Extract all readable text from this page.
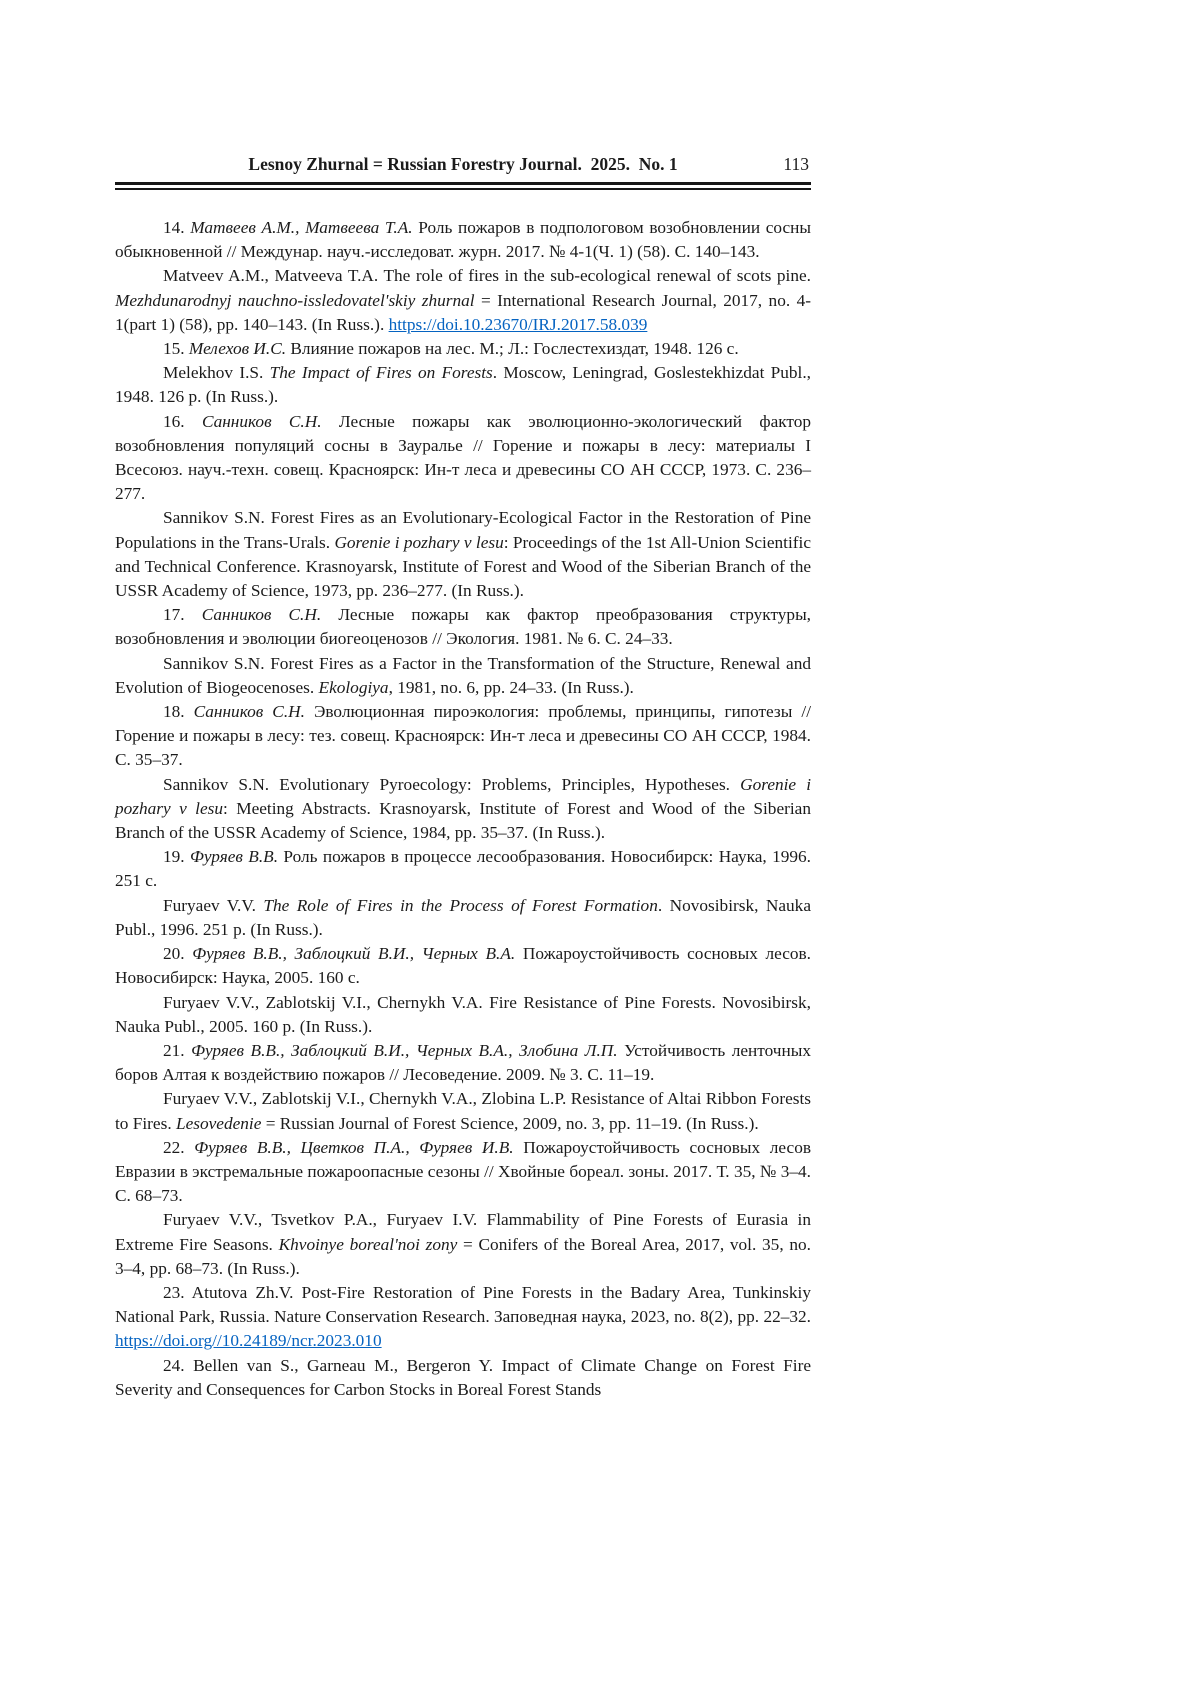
Lesnoy Zhurnal = Russian Forestry Journal.  2025.  No. 1	113

14. Матвеев А.М., Матвеева Т.А. Роль пожаров в подпологовом возобновлении сосны обыкновенной // Междунар. науч.-исследоват. журн. 2017. № 4-1(Ч. 1) (58). С. 140–143.

Matveev A.M., Matveeva T.A. The role of fires in the sub-ecological renewal of scots pine. Mezhdunarodnyj nauchno-issledovatel'skiy zhurnal = International Research Journal, 2017, no. 4-1(part 1) (58), pp. 140–143. (In Russ.). https://doi.10.23670/IRJ.2017.58.039

15. Мелехов И.С. Влияние пожаров на лес. М.; Л.: Гослестехиздат, 1948. 126 с.

Melekhov I.S. The Impact of Fires on Forests. Moscow, Leningrad, Goslestekhizdat Publ., 1948. 126 p. (In Russ.).

16. Санников С.Н. Лесные пожары как эволюционно-экологический фактор возобновления популяций сосны в Зауралье // Горение и пожары в лесу: материалы I Всесоюз. науч.-техн. совещ. Красноярск: Ин-т леса и древесины СО АН СССР, 1973. С. 236–277.

Sannikov S.N. Forest Fires as an Evolutionary-Ecological Factor in the Restoration of Pine Populations in the Trans-Urals. Gorenie i pozhary v lesu: Proceedings of the 1st All-Union Scientific and Technical Conference. Krasnoyarsk, Institute of Forest and Wood of the Siberian Branch of the USSR Academy of Science, 1973, pp. 236–277. (In Russ.).

17. Санников С.Н. Лесные пожары как фактор преобразования структуры, возобновления и эволюции биогеоценозов // Экология. 1981. № 6. С. 24–33.

Sannikov S.N. Forest Fires as a Factor in the Transformation of the Structure, Renewal and Evolution of Biogeocenoses. Ekologiya, 1981, no. 6, pp. 24–33. (In Russ.).

18. Санников С.Н. Эволюционная пироэкология: проблемы, принципы, гипотезы // Горение и пожары в лесу: тез. совещ. Красноярск: Ин-т леса и древесины СО АН СССР, 1984. С. 35–37.

Sannikov S.N. Evolutionary Pyroecology: Problems, Principles, Hypotheses. Gorenie i pozhary v lesu: Meeting Abstracts. Krasnoyarsk, Institute of Forest and Wood of the Siberian Branch of the USSR Academy of Science, 1984, pp. 35–37. (In Russ.).

19. Фуряев В.В. Роль пожаров в процессе лесообразования. Новосибирск: Наука, 1996. 251 с.

Furyaev V.V. The Role of Fires in the Process of Forest Formation. Novosibirsk, Nauka Publ., 1996. 251 p. (In Russ.).

20. Фуряев В.В., Заблоцкий В.И., Черных В.А. Пожароустойчивость сосновых лесов. Новосибирск: Наука, 2005. 160 с.

Furyaev V.V., Zablotskij V.I., Chernykh V.A. Fire Resistance of Pine Forests. Novosibirsk, Nauka Publ., 2005. 160 p. (In Russ.).

21. Фуряев В.В., Заблоцкий В.И., Черных В.А., Злобина Л.П. Устойчивость ленточных боров Алтая к воздействию пожаров // Лесоведение. 2009. № 3. С. 11–19.

Furyaev V.V., Zablotskij V.I., Chernykh V.A., Zlobina L.P. Resistance of Altai Ribbon Forests to Fires. Lesovedenie = Russian Journal of Forest Science, 2009, no. 3, pp. 11–19. (In Russ.).

22. Фуряев В.В., Цветков П.А., Фуряев И.В. Пожароустойчивость сосновых лесов Евразии в экстремальные пожароопасные сезоны // Хвойные бореал. зоны. 2017. Т. 35, № 3–4. С. 68–73.

Furyaev V.V., Tsvetkov P.A., Furyaev I.V. Flammability of Pine Forests of Eurasia in Extreme Fire Seasons. Khvoinye boreal'noi zony = Conifers of the Boreal Area, 2017, vol. 35, no. 3–4, pp. 68–73. (In Russ.).

23. Atutova Zh.V. Post-Fire Restoration of Pine Forests in the Badary Area, Tunkinskiy National Park, Russia. Nature Conservation Research. Заповедная наука, 2023, no. 8(2), pp. 22–32. https://doi.org//10.24189/ncr.2023.010

24. Bellen van S., Garneau M., Bergeron Y. Impact of Climate Change on Forest Fire Severity and Consequences for Carbon Stocks in Boreal Forest Stands
